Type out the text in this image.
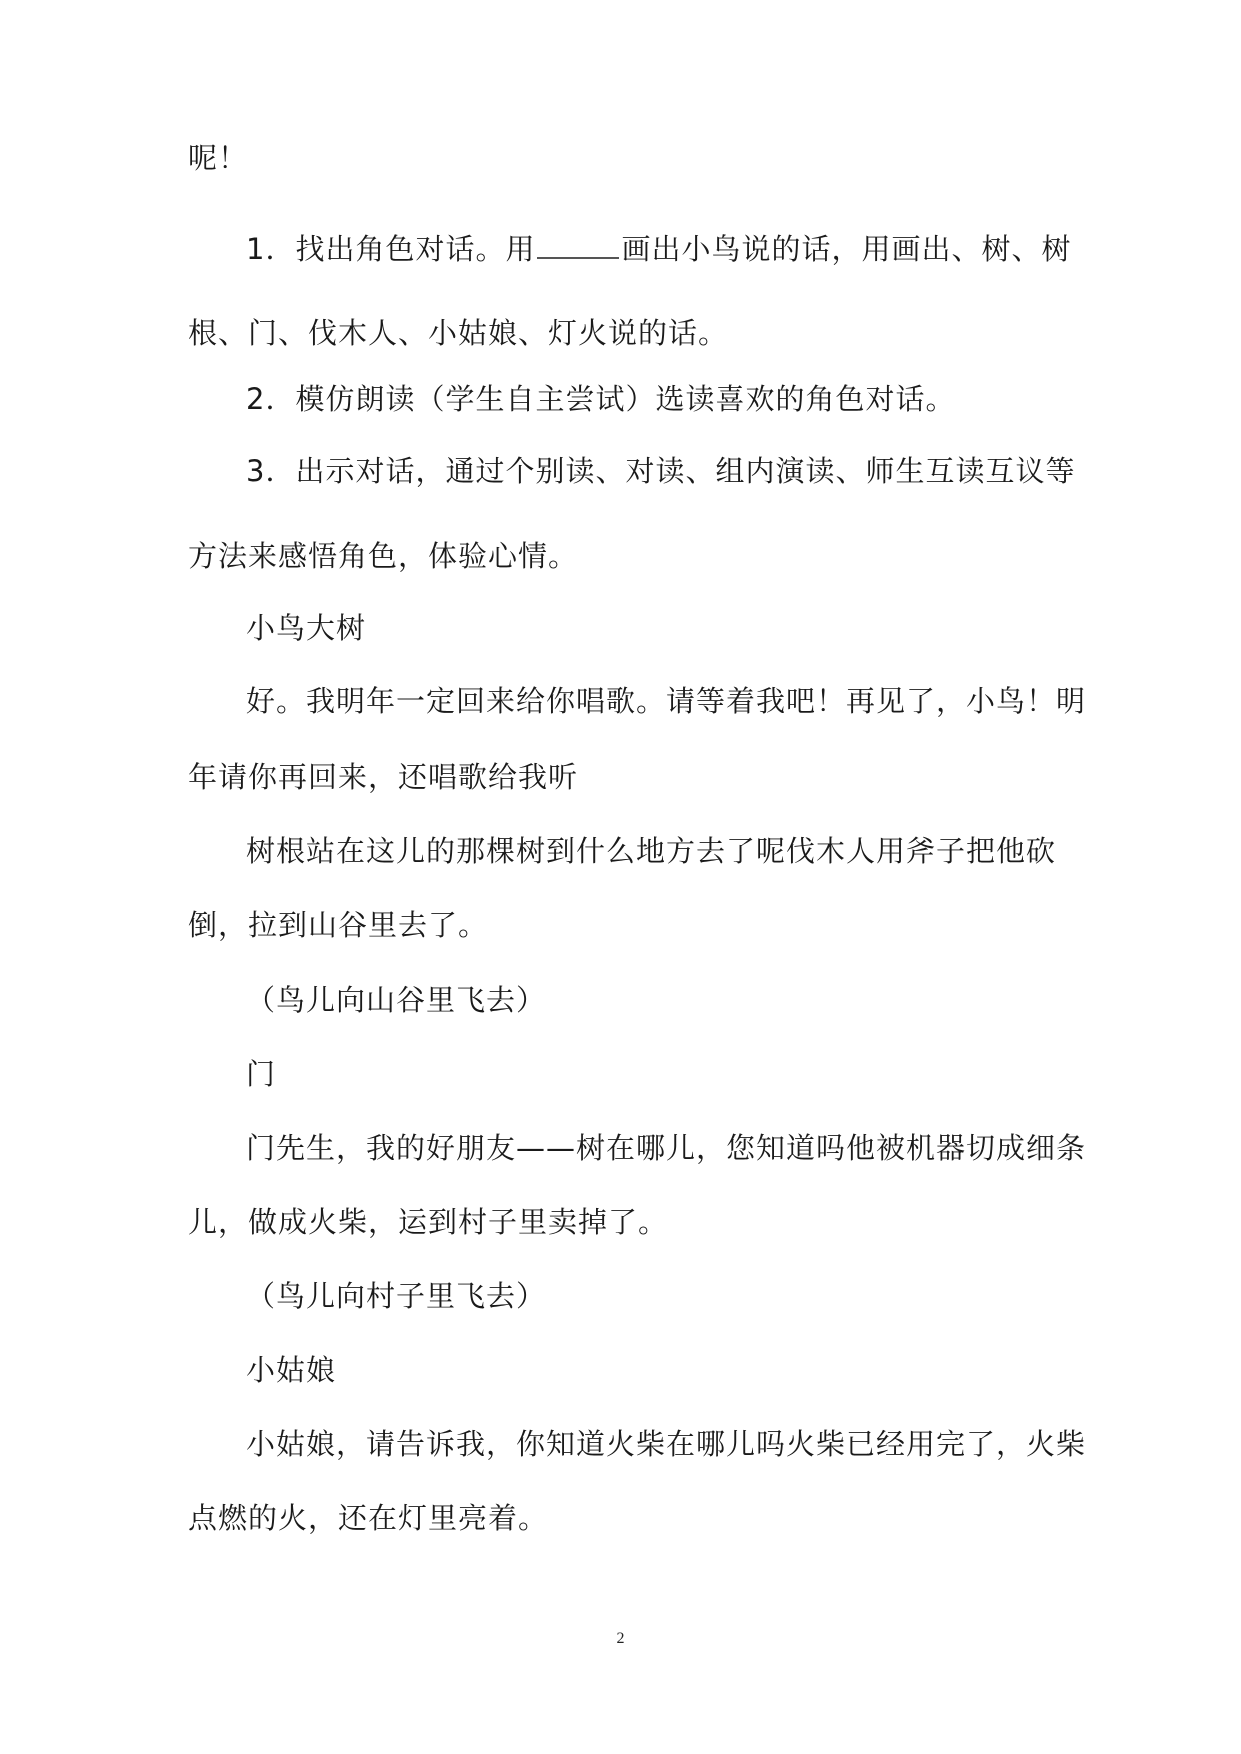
呢！
1．找出角色对话。用	画出小鸟说的话，用画出、树、树
根、门、伐木人、小姑娘、灯火说的话。
2．模仿朗读（学生自主尝试）选读喜欢的角色对话。
3．出示对话，通过个别读、对读、组内演读、师生互读互议等
方法来感悟角色，体验心情。
小鸟大树
好。我明年一定回来给你唱歌。请等着我吧！再见了，小鸟！明
年请你再回来，还唱歌给我听
树根站在这儿的那棵树到什么地方去了呢伐木人用斧子把他砍
倒，拉到山谷里去了。
（鸟儿向山谷里飞去）
门
门先生，我的好朋友——树在哪儿，您知道吗他被机器切成细条
儿，做成火柴，运到村子里卖掉了。
（鸟儿向村子里飞去）
小姑娘
小姑娘，请告诉我，你知道火柴在哪儿吗火柴已经用完了，火柴
点燃的火，还在灯里亮着。
2
